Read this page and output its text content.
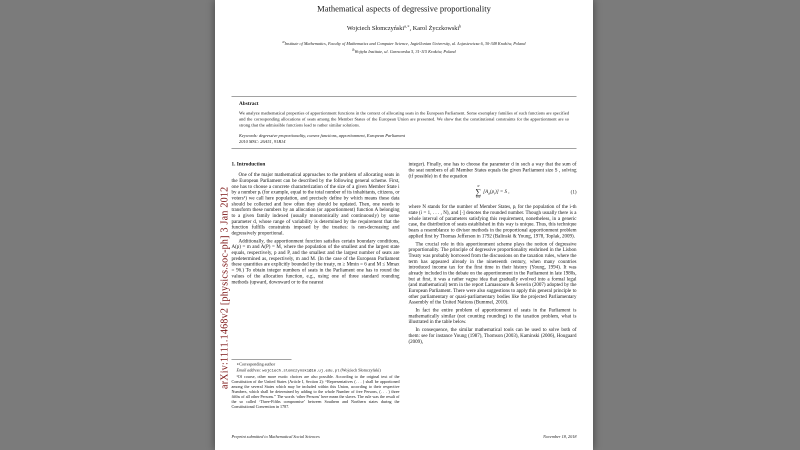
arXiv:1111.1468v2 [physics.soc-ph] 3 Jan 2012
Mathematical aspects of degressive proportionality
Wojciech Słomczyński$^{a,∗}$, Karol Życzkowski$^b$
$^a$Institute of Mathematics, Faculty of Mathematics and Computer Science, Jagiellonian University, ul. Łojasiewicza 6, 30-348 Kraków, Poland
$^b$Wojtyła Institute, ul. Garncarska 5, 31-115 Kraków, Poland
Abstract

We analyze mathematical properties of apportionment functions in the context of allocating seats in the European Parliament. Some exemplary families of such functions are specified and the corresponding allocations of seats among the Member States of the European Union are presented. We show that the constitutional constraints for the apportionment are so strong that the admissible functions lead to rather similar solutions.

Keywords: degressive proportionality, convex functions, apportionment, European Parliament

2010 MSC: 26A51, 91B14

1. Introduction

One of the major mathematical approaches to the problem of allocating seats in the European Parliament can be described by the following general scheme. First, one has to choose a concrete characterization of the size of a given Member State i by a number pᵢ (for example, equal to the total number of its inhabitants, citizens, or voters¹) we call here population, and precisely define by which means these data should be collected and how often they should be updated. Then, one needs to transform these numbers by an allocation (or apportionment) function A belonging to a given family indexed (usually monotonically and continuously) by some parameter d, whose range of variability is determined by the requirement that the function fulfills constraints imposed by the treaties: is non-decreasing and degressively proportional.

Additionally, the apportionment function satisfies certain boundary conditions, A(p) = m and A(P) = M, where the population of the smallest and the largest state equals, respectively, p and P, and the smallest and the largest number of seats are predetermined as, respectively, m and M. (In the case of the European Parliament these quantities are explicitly bounded by the treaty, m ≥ Mmin = 6 and M ≤ Mmax = 96.) To obtain integer numbers of seats in the Parliament one has to round the values of the allocation function, e.g., using one of three standard rounding methods (upward, downward or to the nearest

∗Corresponding author

Email address: wojciech.slomczynski@im.uj.edu.pl (Wojciech Słomczyński)

¹Of course, other more exotic choices are also possible. According to the original text of the Constitution of the United States (Article I, Section 2): “Representatives (. . . ) shall be apportioned among the several States which may be included within this Union, according to their respective Numbers, which shall be determined by adding to the whole Number of free Persons, (. . . ) three fifths of all other Persons.” The words ‘other Persons’ here mean the slaves. The rule was the result of the so called ‘Three-Fifths compromise’ between Southern and Northern states during the Constitutional Convention in 1787.

integer). Finally, one has to choose the parameter d in such a way that the sum of the seat numbers of all Member States equals the given Parliament size S , solving (if possible) in d the equation

N
∑
i=1
$[A_d(p_i)] = S$ ,	(1)

where N stands for the number of Member States, pᵢ for the population of the i-th state (i = 1, . . . , N), and [·] denotes the rounded number. Though usually there is a whole interval of parameters satisfying this requirement, nonetheless, in a generic case, the distribution of seats established in this way is unique. Thus, this technique bears a resemblance to divisor methods in the proportional apportionment problem applied first by Thomas Jefferson in 1792 (Balinski & Young, 1978, Toplak, 2009).

The crucial role in this apportionment scheme plays the notion of degressive proportionality. The principle of degressive proportionality enshrined in the Lisbon Treaty was probably borrowed from the discussions on the taxation rules, where the term has appeared already in the nineteenth century, when many countries introduced income tax for the first time in their history (Young, 1994). It was already included in the debate on the apportionment in the Parliament in late 1980s, but at first, it was a rather vague idea that gradually evolved into a formal legal (and mathematical) term in the report Lamassoure & Severin (2007) adopted by the European Parliament. There were also suggestions to apply this general principle to other parliamentary or quasi-parliamentary bodies like the projected Parliamentary Assembly of the United Nations (Bummel, 2010).

In fact the entire problem of apportionment of seats in the Parliament is mathematically similar (not counting rounding) to the taxation problem, what is illustrated in the table below.

In consequence, the similar mathematical tools can be used to solve both of them: see for instance Young (1987), Thomson (2003), Kaminski (2006), Hougaard (2009),

Preprint submitted to Mathematical Social Sciences	November 18, 2018
